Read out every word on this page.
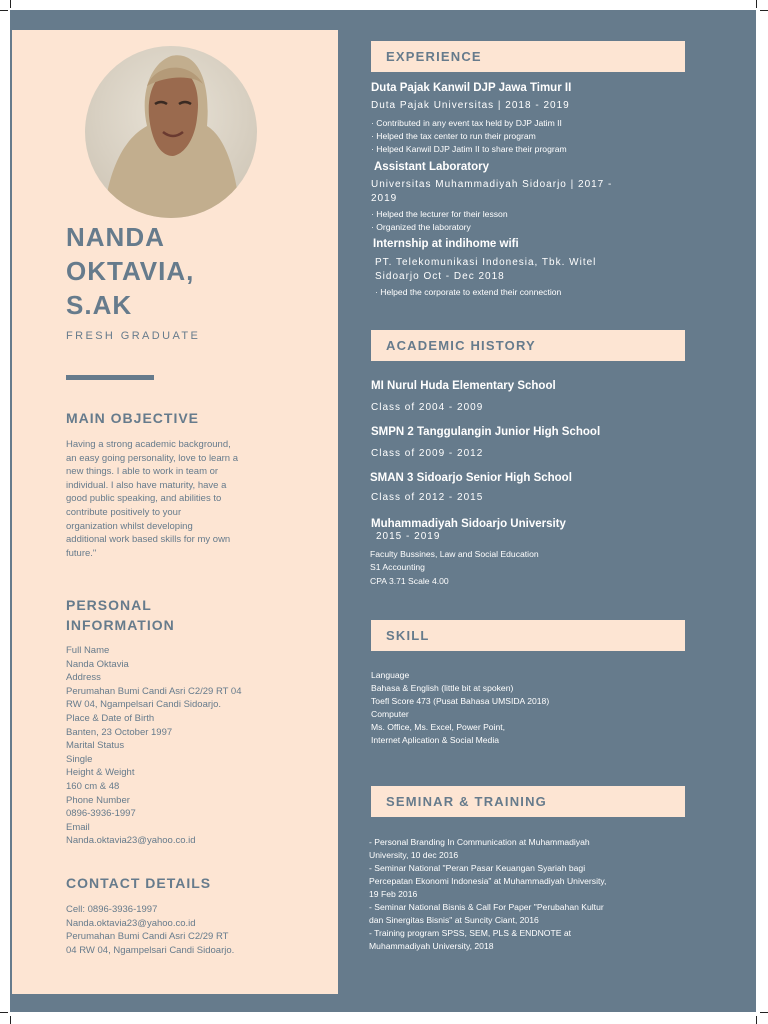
NANDA
OKTAVIA,
S.AK
FRESH GRADUATE
MAIN OBJECTIVE
Having a strong academic background,
an easy going personality, love to learn a
new things. I able to work in team or
individual. I also have maturity, have a
good public speaking, and abilities to
contribute positively to your
organization whilst developing
additional work based skills for my own
future."
PERSONAL
INFORMATION
Full Name
Nanda Oktavia
Address
Perumahan Bumi Candi Asri C2/29 RT 04
RW 04, Ngampelsari Candi Sidoarjo.
Place & Date of Birth
Banten, 23 October 1997
Marital Status
Single
Height & Weight
160 cm & 48
Phone Number
0896-3936-1997
Email
Nanda.oktavia23@yahoo.co.id
CONTACT DETAILS
Cell: 0896-3936-1997
Nanda.oktavia23@yahoo.co.id
Perumahan Bumi Candi Asri C2/29 RT
04 RW 04, Ngampelsari Candi Sidoarjo.
EXPERIENCE
Duta Pajak Kanwil DJP Jawa Timur II
Duta Pajak Universitas | 2018 - 2019
· Contributed in any event tax held by DJP Jatim II
· Helped the tax center to run their program
· Helped Kanwil DJP Jatim II to share their program
Assistant Laboratory
Universitas Muhammadiyah Sidoarjo | 2017 -
2019
· Helped the lecturer for their lesson
· Organized the laboratory
Internship at indihome wifi
PT. Telekomunikasi Indonesia, Tbk. Witel
Sidoarjo Oct - Dec 2018
· Helped the corporate to extend their connection
ACADEMIC HISTORY
MI Nurul Huda Elementary School
Class of 2004 - 2009
SMPN 2 Tanggulangin Junior High School
Class of 2009 - 2012
SMAN 3 Sidoarjo Senior High School
Class of 2012 - 2015
Muhammadiyah Sidoarjo University
2015 - 2019
Faculty Bussines, Law and Social Education
S1 Accounting
CPA 3.71 Scale 4.00
SKILL
Language
Bahasa & English (little bit at spoken)
Toefl Score 473 (Pusat Bahasa UMSIDA 2018)
Computer
Ms. Office, Ms. Excel, Power Point,
Internet Aplication & Social Media
SEMINAR & TRAINING
- Personal Branding In Communication at Muhammadiyah
University, 10 dec 2016
- Seminar National "Peran Pasar Keuangan Syariah bagi
Percepatan Ekonomi Indonesia" at Muhammadiyah University,
19 Feb 2016
- Seminar National Bisnis & Call For Paper "Perubahan Kultur
dan Sinergitas Bisnis" at Suncity Ciant, 2016
- Training program SPSS, SEM, PLS & ENDNOTE at
Muhammadiyah University, 2018
